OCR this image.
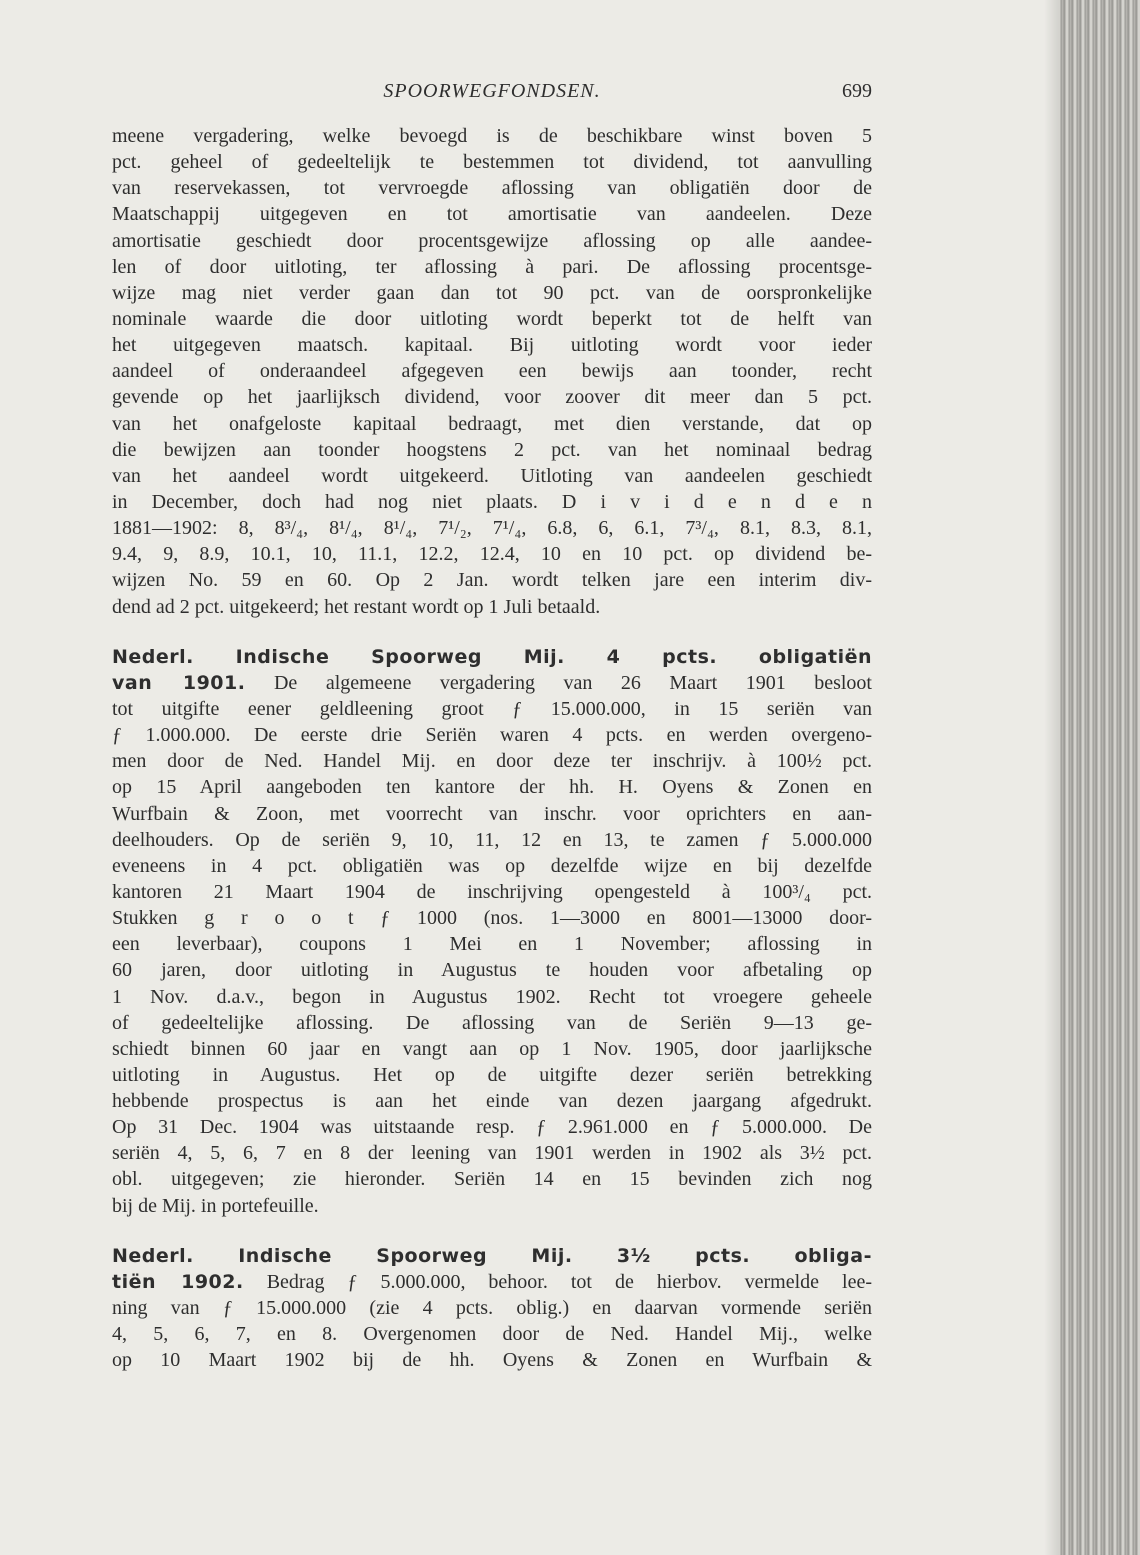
SPOORWEGFONDSEN.	699

meene vergadering, welke bevoegd is de beschikbare winst boven 5

pct. geheel of gedeeltelijk te bestemmen tot dividend, tot aanvulling

van reservekassen, tot vervroegde aflossing van obligatiën door de

Maatschappij uitgegeven en tot amortisatie van aandeelen. Deze

amortisatie geschiedt door procentsgewijze aflossing op alle aandee-

len of door uitloting, ter aflossing à pari. De aflossing procentsge-

wijze mag niet verder gaan dan tot 90 pct. van de oorspronkelijke

nominale waarde die door uitloting wordt beperkt tot de helft van

het uitgegeven maatsch. kapitaal. Bij uitloting wordt voor ieder

aandeel of onderaandeel afgegeven een bewijs aan toonder, recht

gevende op het jaarlijksch dividend, voor zoover dit meer dan 5 pct.

van het onafgeloste kapitaal bedraagt, met dien verstande, dat op

die bewijzen aan toonder hoogstens 2 pct. van het nominaal bedrag

van het aandeel wordt uitgekeerd. Uitloting van aandeelen geschiedt

in December, doch had nog niet plaats. D i v i d e n d e n

1881—1902: 8, 8³/₄, 8¹/₄, 8¹/₄, 7¹/₂, 7¹/₄, 6.8, 6, 6.1, 7³/₄, 8.1, 8.3, 8.1,

9.4, 9, 8.9, 10.1, 10, 11.1, 12.2, 12.4, 10 en 10 pct. op dividend be-

wijzen No. 59 en 60. Op 2 Jan. wordt telken jare een interim div-

dend ad 2 pct. uitgekeerd; het restant wordt op 1 Juli betaald.

Nederl. Indische Spoorweg Mij. 4 pcts. obligatiën

van 1901. De algemeene vergadering van 26 Maart 1901 besloot

tot uitgifte eener geldleening groot ƒ 15.000.000, in 15 seriën van

ƒ 1.000.000. De eerste drie Seriën waren 4 pcts. en werden overgeno-

men door de Ned. Handel Mij. en door deze ter inschrijv. à 100½ pct.

op 15 April aangeboden ten kantore der hh. H. Oyens & Zonen en

Wurfbain & Zoon, met voorrecht van inschr. voor oprichters en aan-

deelhouders. Op de seriën 9, 10, 11, 12 en 13, te zamen ƒ 5.000.000

eveneens in 4 pct. obligatiën was op dezelfde wijze en bij dezelfde

kantoren 21 Maart 1904 de inschrijving opengesteld à 100³/₄ pct.

Stukken g r o o t ƒ 1000 (nos. 1—3000 en 8001—13000 door-

een leverbaar), coupons 1 Mei en 1 November; aflossing in

60 jaren, door uitloting in Augustus te houden voor afbetaling op

1 Nov. d.a.v., begon in Augustus 1902. Recht tot vroegere geheele

of gedeeltelijke aflossing. De aflossing van de Seriën 9—13 ge-

schiedt binnen 60 jaar en vangt aan op 1 Nov. 1905, door jaarlijksche

uitloting in Augustus. Het op de uitgifte dezer seriën betrekking

hebbende prospectus is aan het einde van dezen jaargang afgedrukt.

Op 31 Dec. 1904 was uitstaande resp. ƒ 2.961.000 en ƒ 5.000.000. De

seriën 4, 5, 6, 7 en 8 der leening van 1901 werden in 1902 als 3½ pct.

obl. uitgegeven; zie hieronder. Seriën 14 en 15 bevinden zich nog

bij de Mij. in portefeuille.

Nederl. Indische Spoorweg Mij. 3½ pcts. obliga-

tiën 1902. Bedrag ƒ 5.000.000, behoor. tot de hierbov. vermelde lee-

ning van ƒ 15.000.000 (zie 4 pcts. oblig.) en daarvan vormende seriën

4, 5, 6, 7, en 8. Overgenomen door de Ned. Handel Mij., welke

op 10 Maart 1902 bij de hh. Oyens & Zonen en Wurfbain &
